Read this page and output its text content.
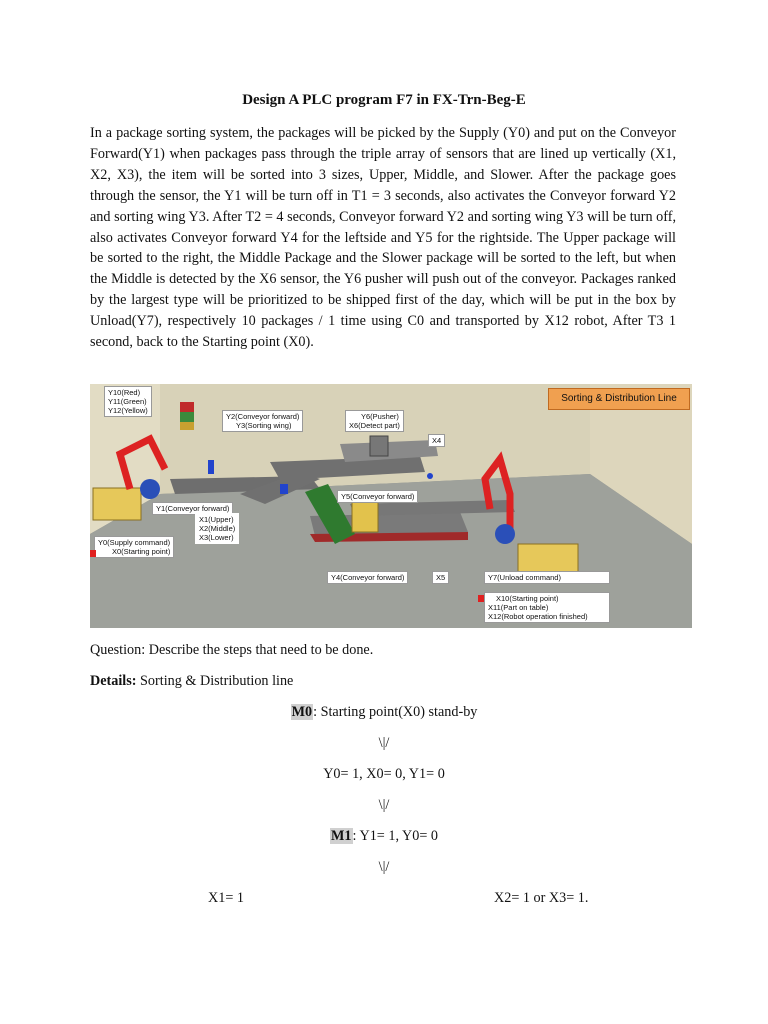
Design A PLC program F7 in FX-Trn-Beg-E

In a package sorting system, the packages will be picked by the Supply (Y0) and put on the Conveyor Forward(Y1) when packages pass through the triple array of sensors that are lined up vertically (X1, X2, X3), the item will be sorted into 3 sizes, Upper, Middle, and Slower. After the package goes through the sensor, the Y1 will be turn off in T1 = 3 seconds, also activates the Conveyor forward Y2 and sorting wing Y3. After T2 = 4 seconds, Conveyor forward Y2 and sorting wing Y3 will be turn off, also activates Conveyor forward Y4 for the leftside and Y5 for the rightside. The Upper package will be sorted to the right, the Middle Package and the Slower package will be sorted to the left, but when the Middle is detected by the X6 sensor, the Y6 pusher will push out of the conveyor. Packages ranked by the largest type will be prioritized to be shipped first of the day, which will be put in the box by Unload(Y7), respectively 10 packages / 1 time using C0 and transported by X12 robot, After T3 1 second, back to the Starting point (X0).

Y10(Red)
Y11(Green)
Y12(Yellow)
Sorting & Distribution Line
Y2(Conveyor forward)
Y3(Sorting wing)
Y6(Pusher)
X6(Detect part)
X4
Y5(Conveyor forward)
Y1(Conveyor forward)
X1(Upper)
X2(Middle)
X3(Lower)
Y0(Supply command)
X0(Starting point)
Y4(Conveyor forward)	X5	Y7(Unload command)
X10(Starting point)
X11(Part on table)
X12(Robot operation finished)
Question: Describe the steps that need to be done.
Details: Sorting & Distribution line
M0: Starting point(X0) stand-by
\|/
Y0= 1, X0= 0, Y1= 0
\|/
M1: Y1= 1, Y0= 0
\|/
X1= 1	X2= 1 or X3= 1.
